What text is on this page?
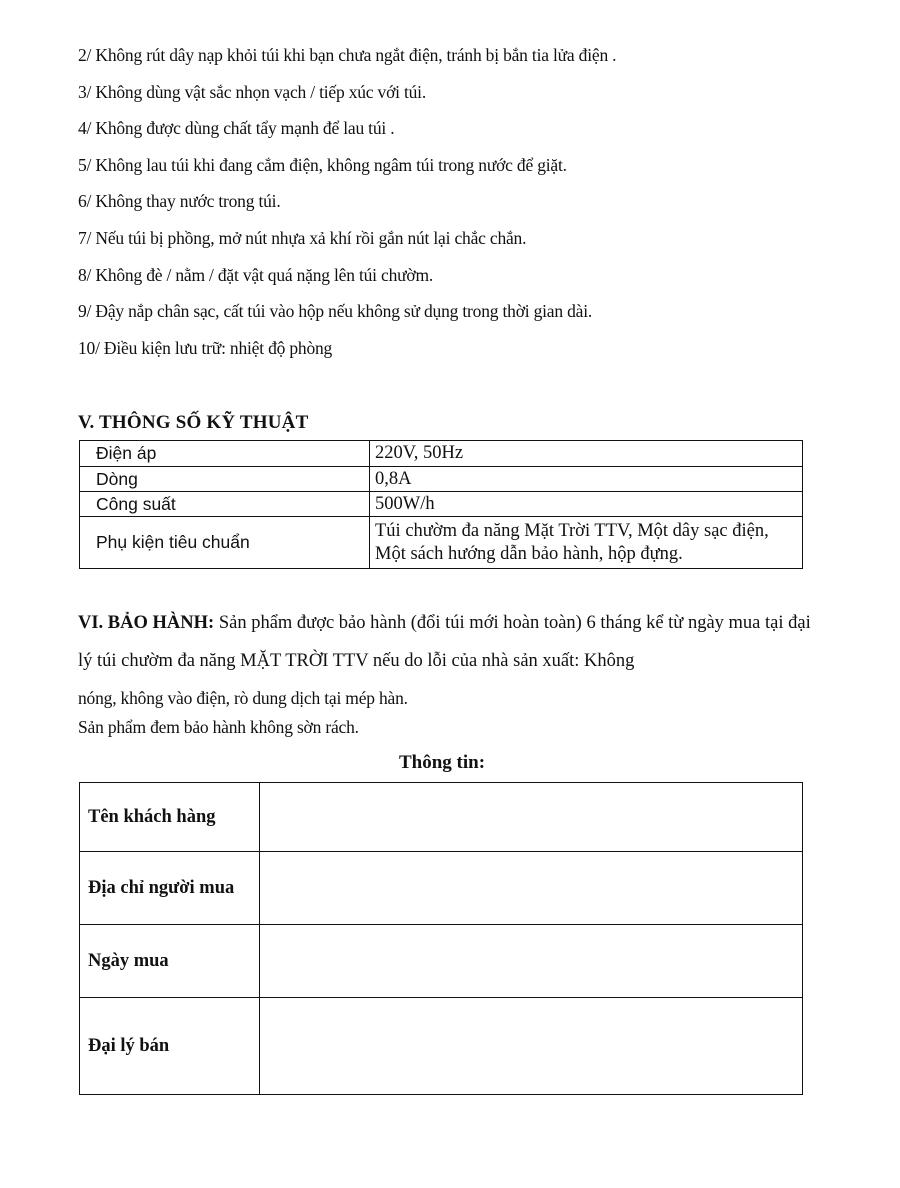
2/ Không rút dây nạp khỏi túi khi bạn chưa ngắt điện, tránh bị bắn tia lửa điện .
3/ Không dùng vật sắc nhọn vạch / tiếp xúc với túi.
4/ Không được dùng chất tẩy mạnh để lau túi .
5/ Không lau túi khi đang cắm điện, không ngâm túi trong nước để giặt.
6/ Không thay nước trong túi.
7/ Nếu túi bị phồng, mở nút nhựa xả khí rồi gắn nút lại chắc chắn.
8/ Không đè / nằm / đặt vật quá nặng lên túi chườm.
9/ Đậy nắp chân sạc, cất túi vào hộp nếu không sử dụng trong thời gian dài.
10/ Điều kiện lưu trữ: nhiệt độ phòng
V. THÔNG SỐ KỸ THUẬT
Điện áp	220V, 50Hz
Dòng	0,8A
Công suất	500W/h
Phụ kiện tiêu chuẩn	Túi chườm đa năng Mặt Trời TTV, Một dây sạc điện, Một sách hướng dẫn bảo hành, hộp đựng.

VI. BẢO HÀNH: Sản phẩm được bảo hành (đổi túi mới hoàn toàn) 6 tháng kể từ ngày mua tại đại lý túi chườm đa năng MẶT TRỜI TTV nếu do lỗi của nhà sản xuất: Không

nóng, không vào điện, rò dung dịch tại mép hàn.

Sản phẩm đem bảo hành không sờn rách.
Thông tin:
Tên khách hàng	
Địa chỉ người mua	
Ngày mua	
Đại lý bán	
